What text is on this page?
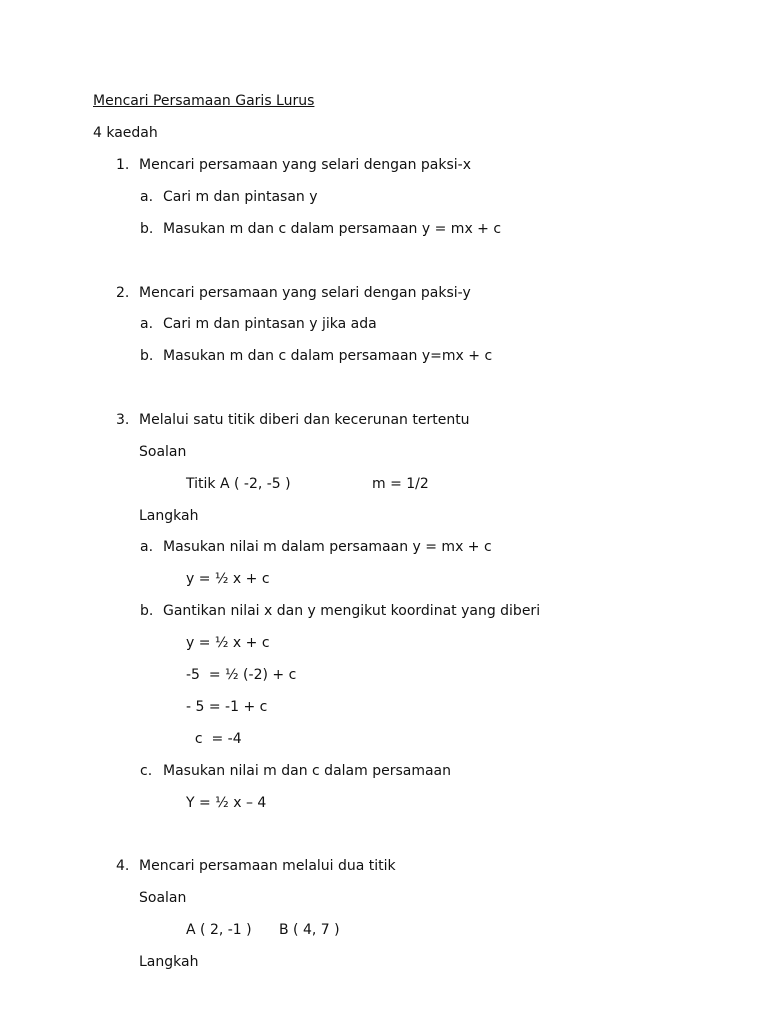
Mencari Persamaan Garis Lurus
4 kaedah
1. Mencari persamaan yang selari dengan paksi-x
a. Cari m dan pintasan y
b. Masukan m dan c dalam persamaan y = mx + c
2. Mencari persamaan yang selari dengan paksi-y
a. Cari m dan pintasan y jika ada
b. Masukan m dan c dalam persamaan y=mx + c
3. Melalui satu titik diberi dan kecerunan tertentu
Soalan
Titik A ( -2, -5 )	m = 1/2
Langkah
a. Masukan nilai m dalam persamaan y = mx + c
y = ½ x + c
b. Gantikan nilai x dan y mengikut koordinat yang diberi
y = ½ x + c
-5  = ½ (-2) + c
- 5 = -1 + c
c  = -4
c. Masukan nilai m dan c dalam persamaan
Y = ½ x – 4
4. Mencari persamaan melalui dua titik
Soalan
A ( 2, -1 ) B ( 4, 7 )
Langkah
